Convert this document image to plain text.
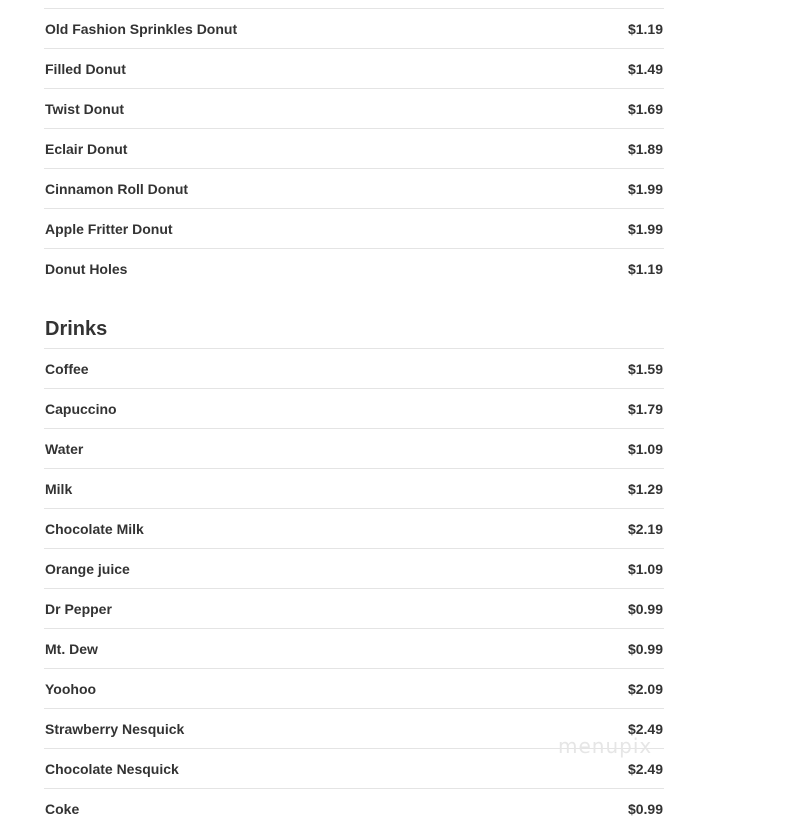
Old Fashion Sprinkles Donut	$1.19
Filled Donut	$1.49
Twist Donut	$1.69
Eclair Donut	$1.89
Cinnamon Roll Donut	$1.99
Apple Fritter Donut	$1.99
Donut Holes	$1.19
Drinks
Coffee	$1.59
Capuccino	$1.79
Water	$1.09
Milk	$1.29
Chocolate Milk	$2.19
Orange juice	$1.09
Dr Pepper	$0.99
Mt. Dew	$0.99
Yoohoo	$2.09
Strawberry Nesquick	$2.49
Chocolate Nesquick	$2.49
Coke	$0.99
menupix
